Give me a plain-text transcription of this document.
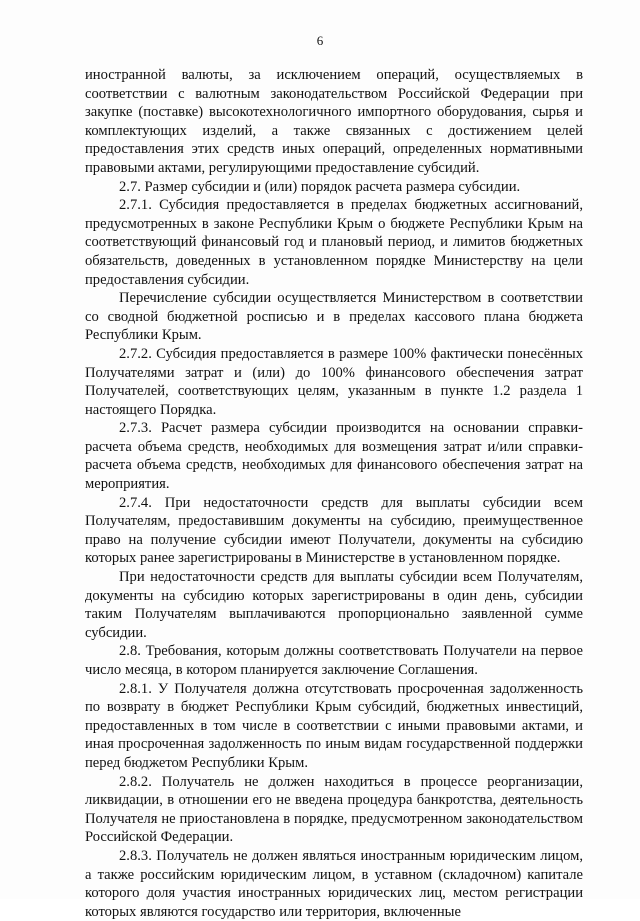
6

иностранной валюты, за исключением операций, осуществляемых в соответствии с валютным законодательством Российской Федерации при закупке (поставке) высокотехнологичного импортного оборудования, сырья и комплектующих изделий, а также связанных с достижением целей предоставления этих средств иных операций, определенных нормативными правовыми актами, регулирующими предоставление субсидий.

2.7. Размер субсидии и (или) порядок расчета размера субсидии.

2.7.1. Субсидия предоставляется в пределах бюджетных ассигнований, предусмотренных в законе Республики Крым о бюджете Республики Крым на соответствующий финансовый год и плановый период, и лимитов бюджетных обязательств, доведенных в установленном порядке Министерству на цели предоставления субсидии.

Перечисление субсидии осуществляется Министерством в соответствии со сводной бюджетной росписью и в пределах кассового плана бюджета Республики Крым.

2.7.2. Субсидия предоставляется в размере 100% фактически понесённых Получателями затрат и (или) до 100% финансового обеспечения затрат Получателей, соответствующих целям, указанным в пункте 1.2 раздела 1 настоящего Порядка.

2.7.3. Расчет размера субсидии производится на основании справки-расчета объема средств, необходимых для возмещения затрат и/или справки-расчета объема средств, необходимых для финансового обеспечения затрат на мероприятия.

2.7.4. При недостаточности средств для выплаты субсидии всем Получателям, предоставившим документы на субсидию, преимущественное право на получение субсидии имеют Получатели, документы на субсидию которых ранее зарегистрированы в Министерстве в установленном порядке.

При недостаточности средств для выплаты субсидии всем Получателям, документы на субсидию которых зарегистрированы в один день, субсидии таким Получателям выплачиваются пропорционально заявленной сумме субсидии.

2.8. Требования, которым должны соответствовать Получатели на первое число месяца, в котором планируется заключение Соглашения.

2.8.1. У Получателя должна отсутствовать просроченная задолженность по возврату в бюджет Республики Крым субсидий, бюджетных инвестиций, предоставленных в том числе в соответствии с иными правовыми актами, и иная просроченная задолженность по иным видам государственной поддержки перед бюджетом Республики Крым.

2.8.2. Получатель не должен находиться в процессе реорганизации, ликвидации, в отношении его не введена процедура банкротства, деятельность Получателя не приостановлена в порядке, предусмотренном законодательством Российской Федерации.

2.8.3. Получатель не должен являться иностранным юридическим лицом, а также российским юридическим лицом, в уставном (складочном) капитале которого доля участия иностранных юридических лиц, местом регистрации которых являются государство или территория, включенные
